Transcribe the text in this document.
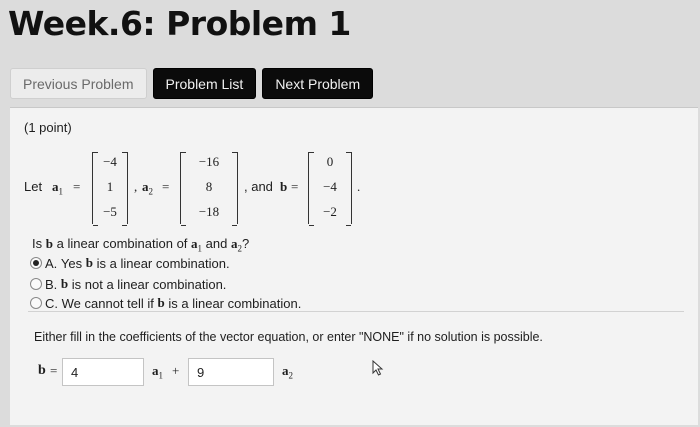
Week.6: Problem 1
Previous Problem	Problem List	Next Problem
(1 point)
Let $a_1$ =
−4
1
−5
, $a_2$ =
−16
8
−18
, and b =
0
−4
−2
.
Is b a linear combination of $a_1$ and $a_2$?
A.
Yes
b
is a linear combination.
B.
b
is not a linear combination.
C.
We cannot tell if
b
is a linear combination.
Either fill in the coefficients of the vector equation, or enter "NONE" if no solution is possible.
b =
4	$a_1$ +
9	$a_2$
